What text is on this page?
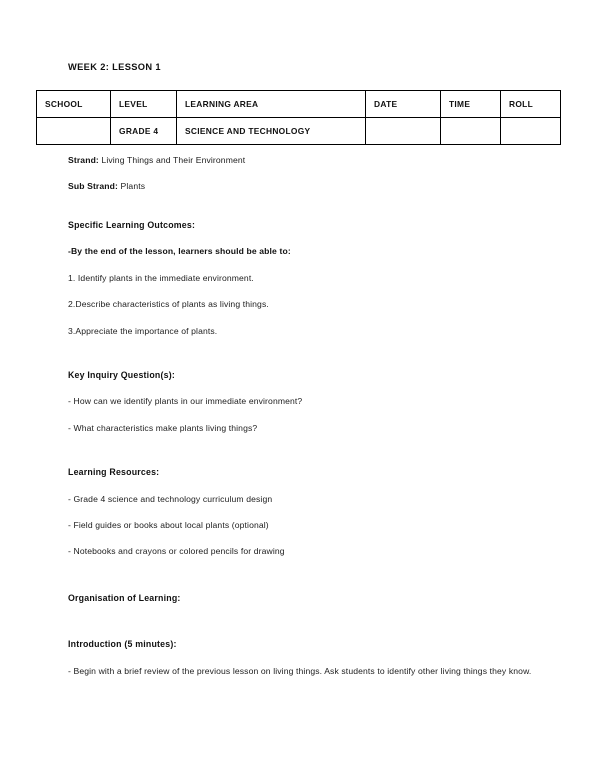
WEEK 2: LESSON 1
SCHOOL	LEVEL	LEARNING AREA	DATE	TIME	ROLL
	GRADE 4	SCIENCE AND TECHNOLOGY			

Strand: Living Things and Their Environment

Sub Strand: Plants

Specific Learning Outcomes:

-By the end of the lesson, learners should be able to:

1. Identify plants in the immediate environment.

2.Describe characteristics of plants as living things.

3.Appreciate the importance of plants.

Key Inquiry Question(s):

- How can we identify plants in our immediate environment?

- What characteristics make plants living things?

Learning Resources:

- Grade 4 science and technology curriculum design

- Field guides or books about local plants (optional)

- Notebooks and crayons or colored pencils for drawing

Organisation of Learning:

Introduction (5 minutes):

- Begin with a brief review of the previous lesson on living things. Ask students to identify other living things they know.
